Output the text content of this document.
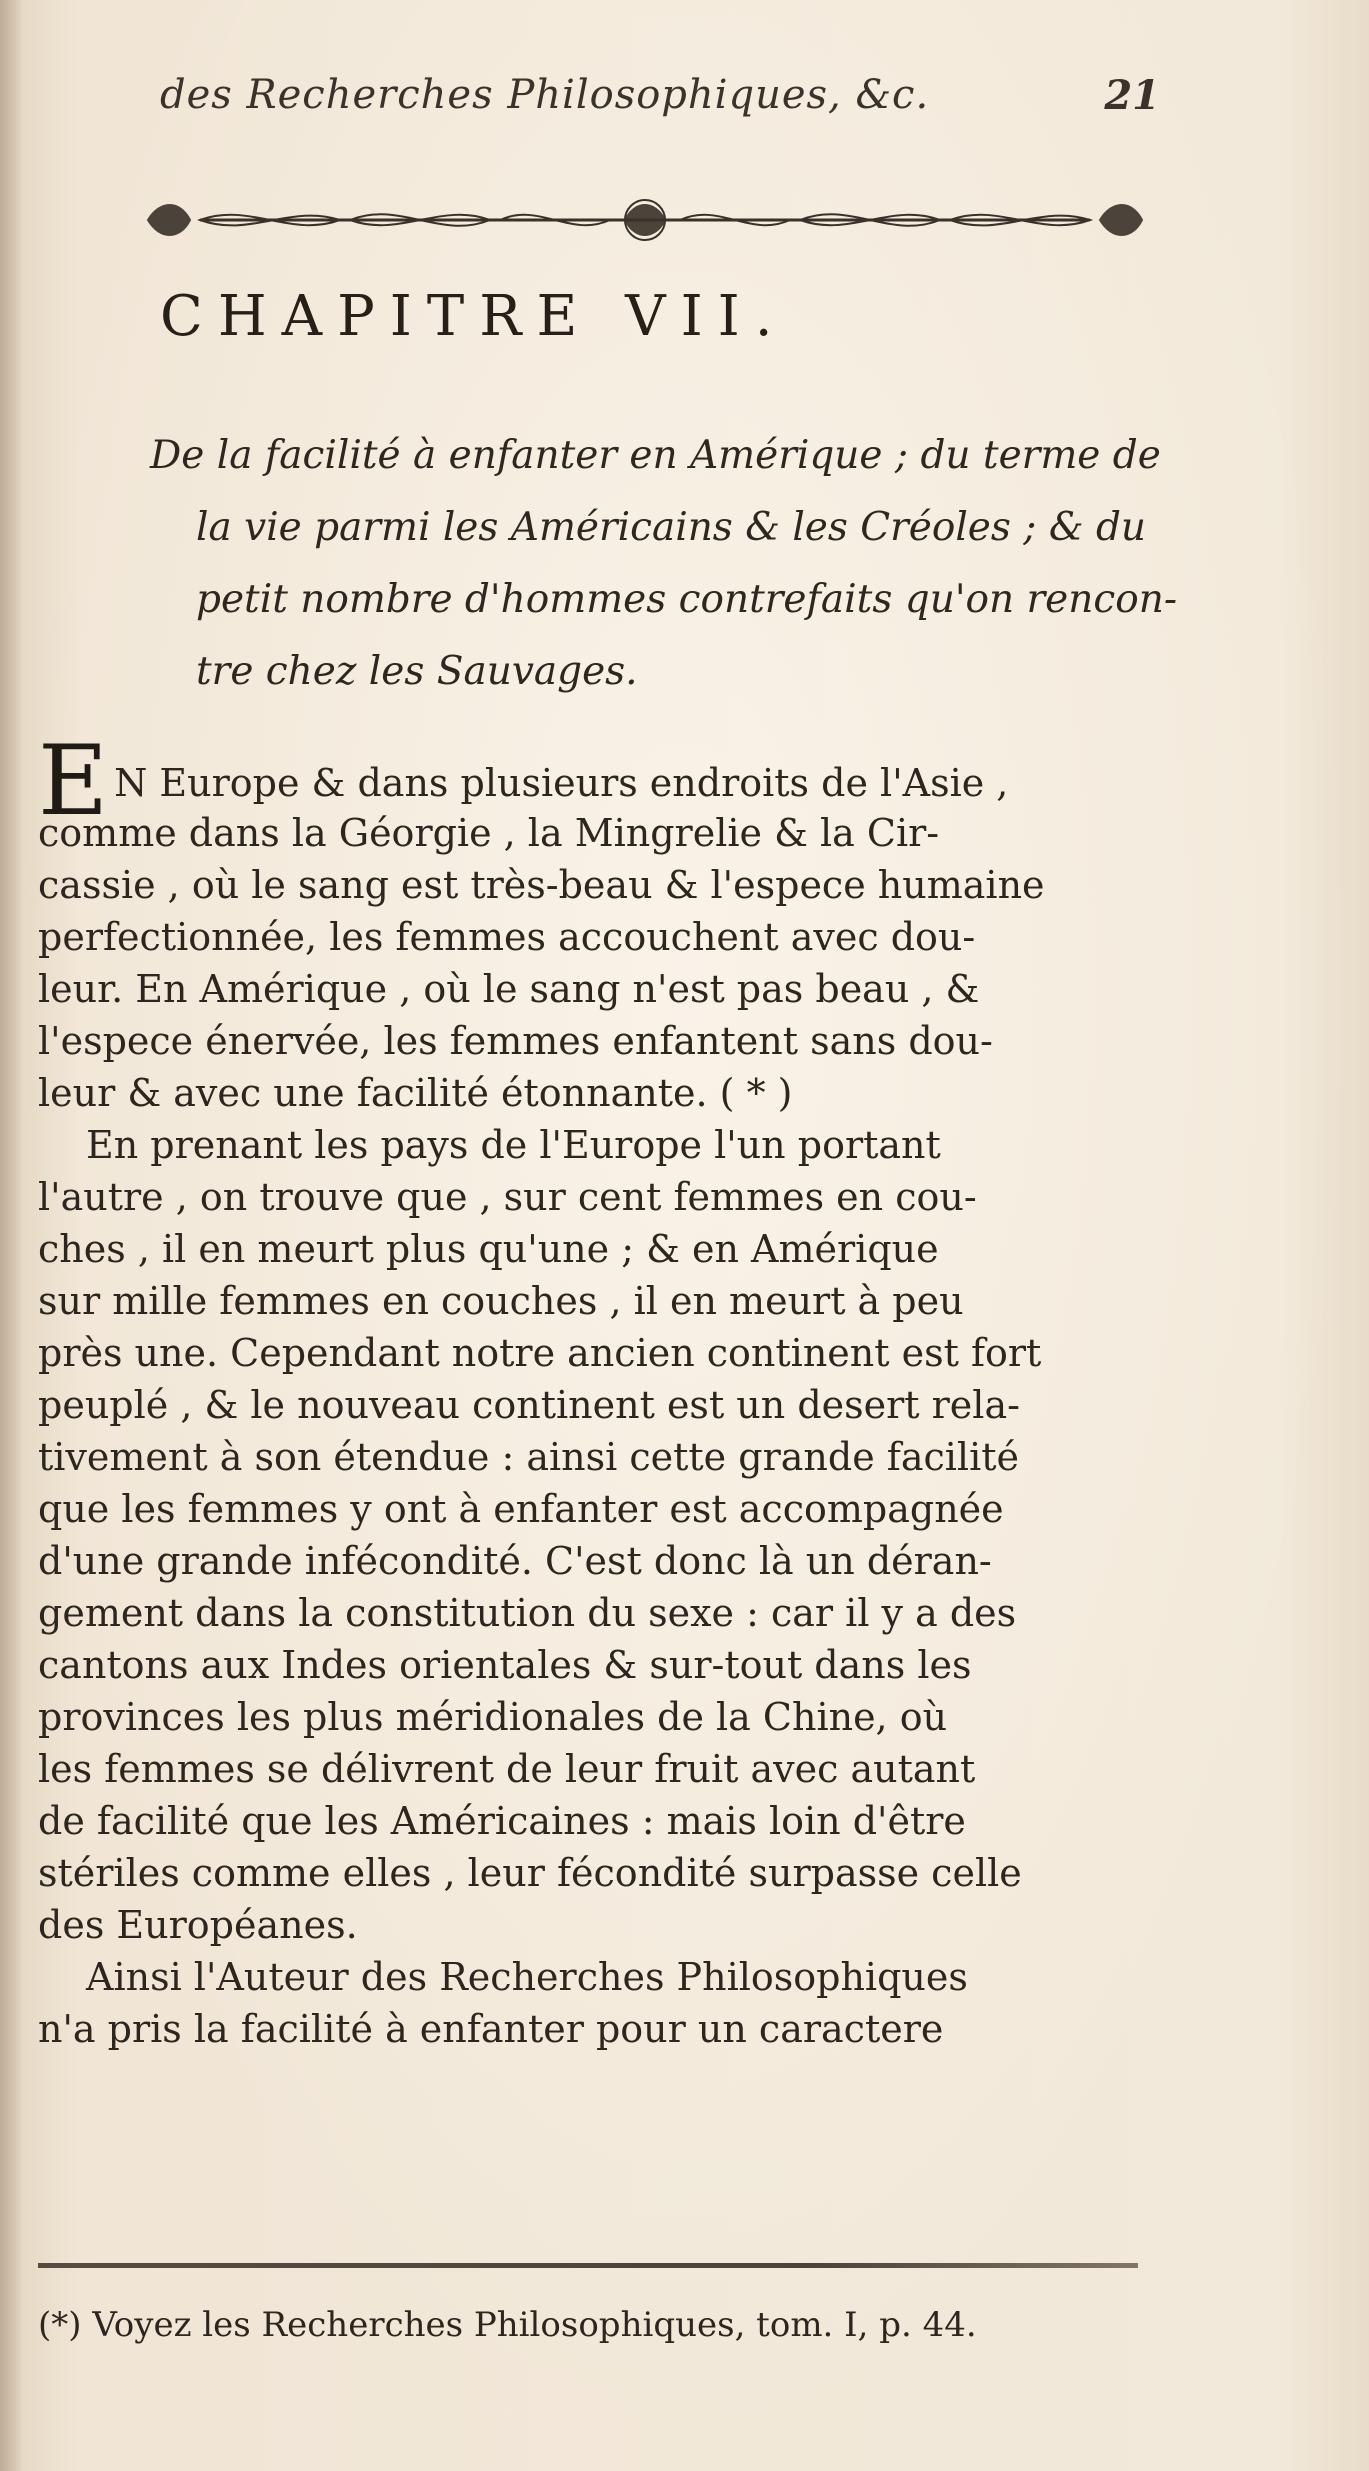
des Recherches Philosophiques, &c.	21
CHAPITRE VII.
De la facilité à enfanter en Amérique ; du terme de
la vie parmi les Américains & les Créoles ; & du
petit nombre d'hommes contrefaits qu'on rencon-
tre chez les Sauvages.
E N Europe & dans plusieurs endroits de l'Asie ,
comme dans la Géorgie , la Mingrelie & la Cir-
cassie , où le sang est très-beau & l'espece humaine
perfectionnée, les femmes accouchent avec dou-
leur. En Amérique , où le sang n'est pas beau , &
l'espece énervée, les femmes enfantent sans dou-
leur & avec une facilité étonnante. ( * )
En prenant les pays de l'Europe l'un portant
l'autre , on trouve que , sur cent femmes en cou-
ches , il en meurt plus qu'une ; & en Amérique
sur mille femmes en couches , il en meurt à peu
près une. Cependant notre ancien continent est fort
peuplé , & le nouveau continent est un desert rela-
tivement à son étendue : ainsi cette grande facilité
que les femmes y ont à enfanter est accompagnée
d'une grande infécondité. C'est donc là un déran-
gement dans la constitution du sexe : car il y a des
cantons aux Indes orientales & sur-tout dans les
provinces les plus méridionales de la Chine, où
les femmes se délivrent de leur fruit avec autant
de facilité que les Américaines : mais loin d'être
stériles comme elles , leur fécondité surpasse celle
des Européanes.
Ainsi l'Auteur des Recherches Philosophiques
n'a pris la facilité à enfanter pour un caractere
(*) Voyez les Recherches Philosophiques, tom. I, p. 44.
